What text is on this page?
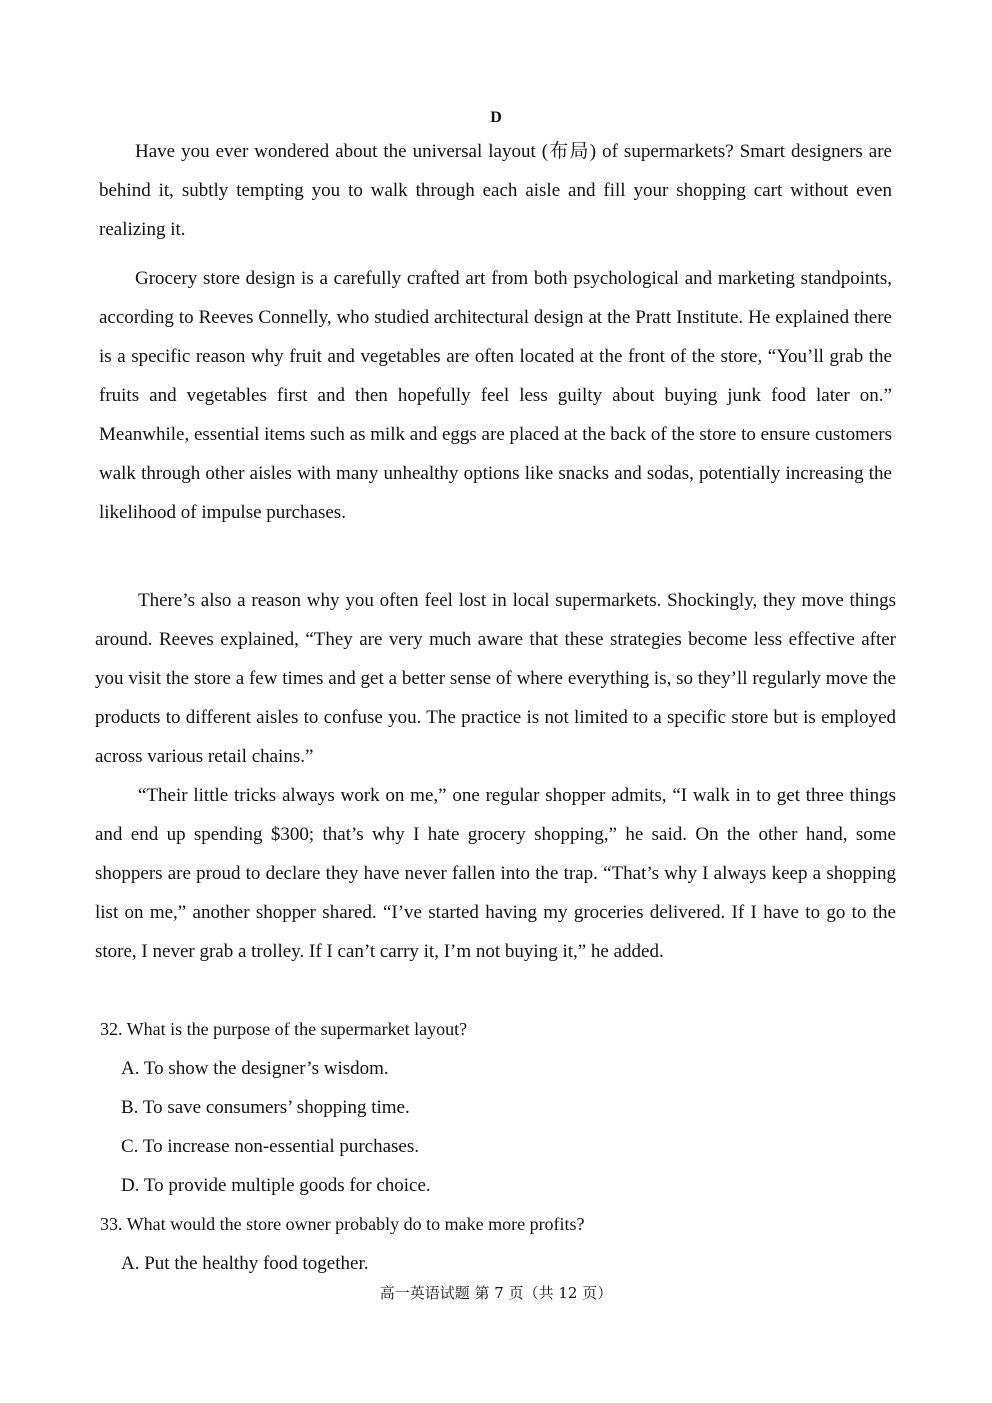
D

Have you ever wondered about the universal layout (布局) of supermarkets? Smart designers are behind it, subtly tempting you to walk through each aisle and fill your shopping cart without even realizing it.

Grocery store design is a carefully crafted art from both psychological and marketing standpoints, according to Reeves Connelly, who studied architectural design at the Pratt Institute. He explained there is a specific reason why fruit and vegetables are often located at the front of the store, “You’ll grab the fruits and vegetables first and then hopefully feel less guilty about buying junk food later on.” Meanwhile, essential items such as milk and eggs are placed at the back of the store to ensure customers walk through other aisles with many unhealthy options like snacks and sodas, potentially increasing the likelihood of impulse purchases.

There’s also a reason why you often feel lost in local supermarkets. Shockingly, they move things around. Reeves explained, “They are very much aware that these strategies become less effective after you visit the store a few times and get a better sense of where everything is, so they’ll regularly move the products to different aisles to confuse you. The practice is not limited to a specific store but is employed across various retail chains.”

“Their little tricks always work on me,” one regular shopper admits, “I walk in to get three things and end up spending $300; that’s why I hate grocery shopping,” he said. On the other hand, some shoppers are proud to declare they have never fallen into the trap. “That’s why I always keep a shopping list on me,” another shopper shared. “I’ve started having my groceries delivered. If I have to go to the store, I never grab a trolley. If I can’t carry it, I’m not buying it,” he added.

32. What is the purpose of the supermarket layout?
A. To show the designer’s wisdom.
B. To save consumers’ shopping time.
C. To increase non-essential purchases.
D. To provide multiple goods for choice.
33. What would the store owner probably do to make more profits?
A. Put the healthy food together.
高一英语试题 第 7 页（共 12 页）
